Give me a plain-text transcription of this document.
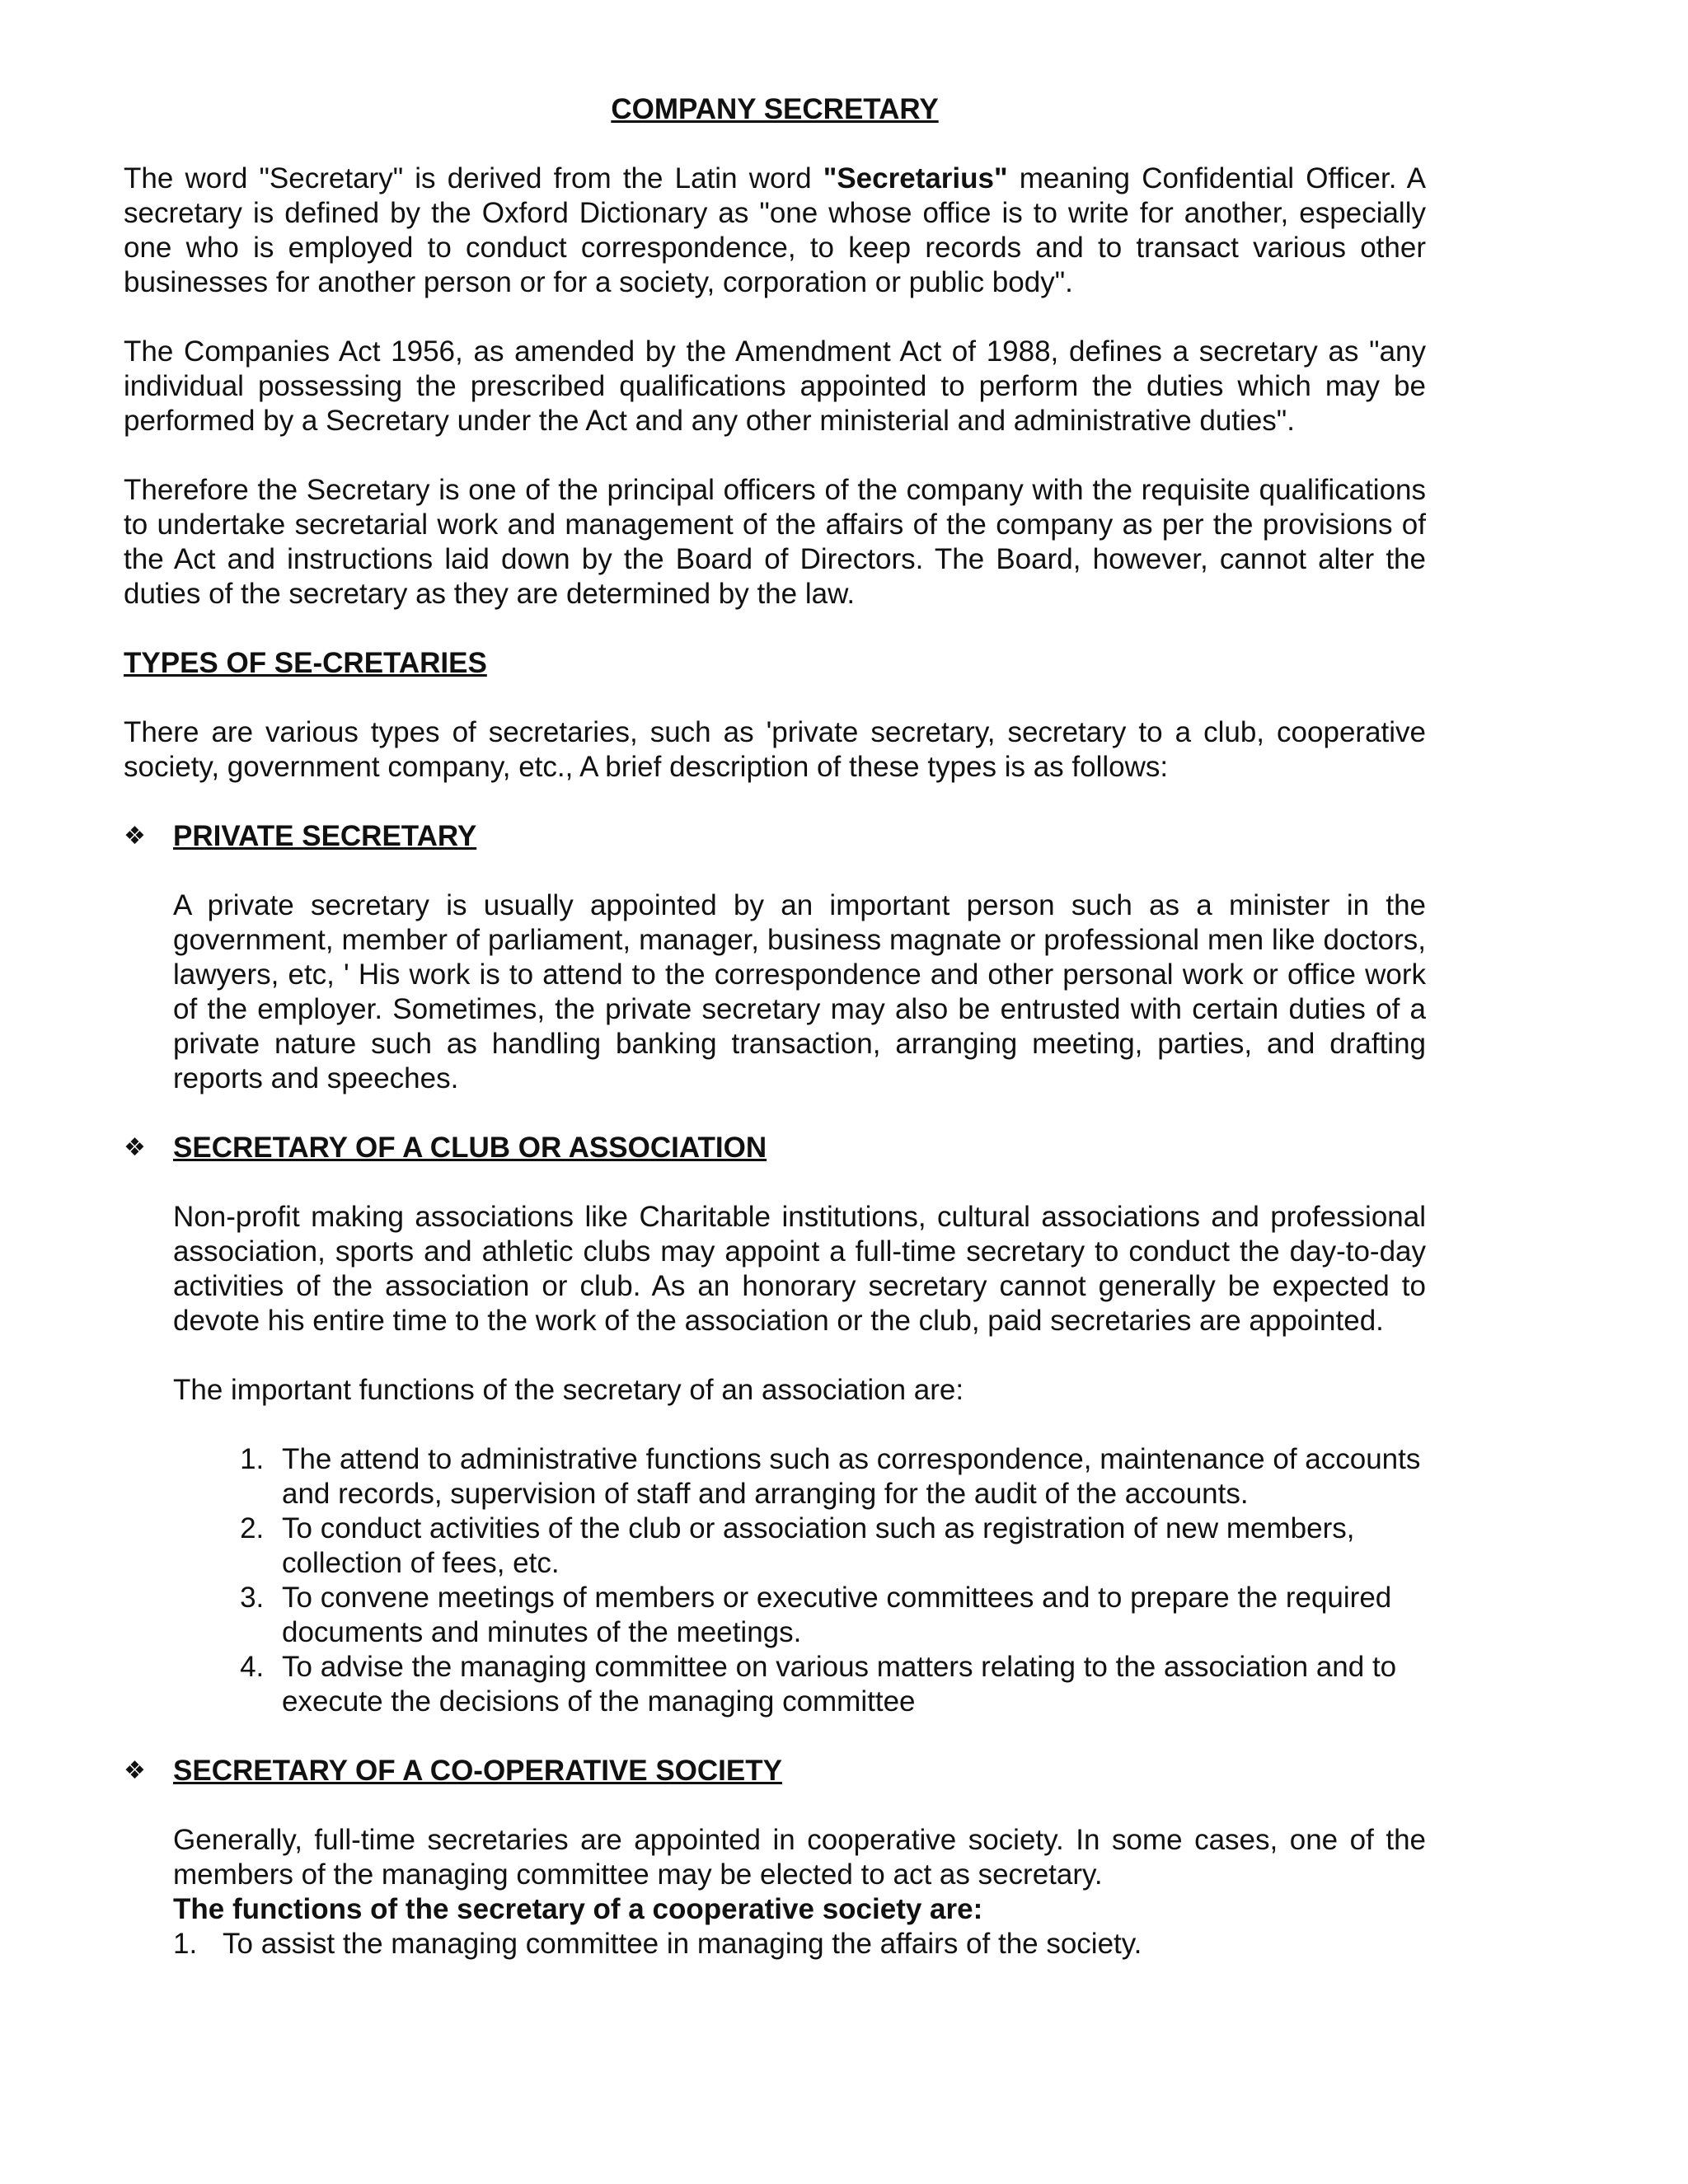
COMPANY SECRETARY

The word "Secretary" is derived from the Latin word "Secretarius" meaning Confidential Officer. A secretary is defined by the Oxford Dictionary as "one whose office is to write for another, especially one who is employed to conduct correspondence, to keep records and to transact various other businesses for another person or for a society, corporation or public body".

The Companies Act 1956, as amended by the Amendment Act of 1988, defines a secretary as "any individual possessing the prescribed qualifications appointed to perform the duties which may be performed by a Secretary under the Act and any other ministerial and administrative duties".

Therefore the Secretary is one of the principal officers of the company with the requisite qualifications to undertake secretarial work and management of the affairs of the company as per the provisions of the Act and instructions laid down by the Board of Directors. The Board, however, cannot alter the duties of the secretary as they are determined by the law.

TYPES OF SE-CRETARIES

There are various types of secretaries, such as 'private secretary, secretary to a club, cooperative society, government company, etc., A brief description of these types is as follows:

❖ PRIVATE SECRETARY

A private secretary is usually appointed by an important person such as a minister in the government, member of parliament, manager, business magnate or professional men like doctors, lawyers, etc, ' His work is to attend to the correspondence and other personal work or office work of the employer. Sometimes, the private secretary may also be entrusted with certain duties of a private nature such as handling banking transaction, arranging meeting, parties, and drafting reports and speeches.

❖ SECRETARY OF A CLUB OR ASSOCIATION

Non-profit making associations like Charitable institutions, cultural associations and professional association, sports and athletic clubs may appoint a full-time secretary to conduct the day-to-day activities of the association or club. As an honorary secretary cannot generally be expected to devote his entire time to the work of the association or the club, paid secretaries are appointed.

The important functions of the secretary of an association are:

1. The attend to administrative functions such as correspondence, maintenance of accounts and records, supervision of staff and arranging for the audit of the accounts.
2. To conduct activities of the club or association such as registration of new members, collection of fees, etc.
3. To convene meetings of members or executive committees and to prepare the required documents and minutes of the meetings.
4. To advise the managing committee on various matters relating to the association and to execute the decisions of the managing committee
❖ SECRETARY OF A CO-OPERATIVE SOCIETY

Generally, full-time secretaries are appointed in cooperative society. In some cases, one of the members of the managing committee may be elected to act as secretary.

The functions of the secretary of a cooperative society are:
1. To assist the managing committee in managing the affairs of the society.
